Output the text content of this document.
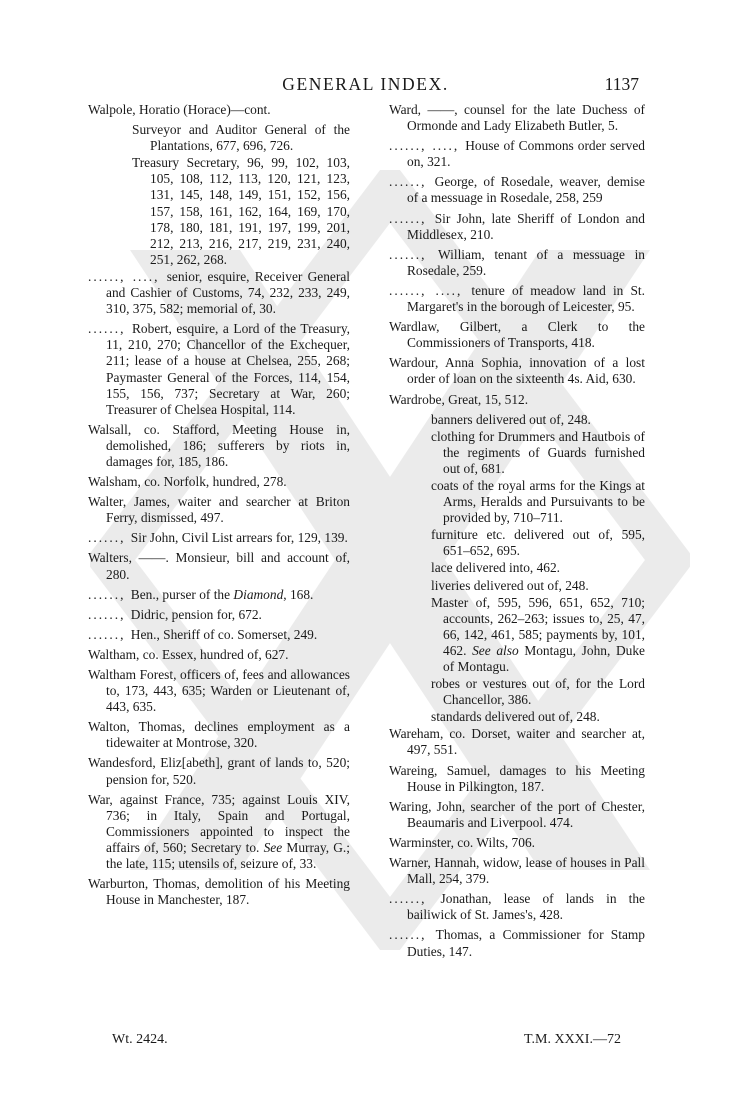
GENERAL INDEX.	1137
Walpole, Horatio (Horace)—cont.
Surveyor and Auditor General of the Plantations, 677, 696, 726.
Treasury Secretary, 96, 99, 102, 103, 105, 108, 112, 113, 120, 121, 123, 131, 145, 148, 149, 151, 152, 156, 157, 158, 161, 162, 164, 169, 170, 178, 180, 181, 191, 197, 199, 201, 212, 213, 216, 217, 219, 231, 240, 251, 262, 268.
......, ...., senior, esquire, Receiver General and Cashier of Customs, 74, 232, 233, 249, 310, 375, 582; memorial of, 30.
......, Robert, esquire, a Lord of the Treasury, 11, 210, 270; Chancellor of the Exchequer, 211; lease of a house at Chelsea, 255, 268; Paymaster General of the Forces, 114, 154, 155, 156, 737; Secretary at War, 260; Treasurer of Chelsea Hospital, 114.
Walsall, co. Stafford, Meeting House in, demolished, 186; sufferers by riots in, damages for, 185, 186.
Walsham, co. Norfolk, hundred, 278.
Walter, James, waiter and searcher at Briton Ferry, dismissed, 497.
......, Sir John, Civil List arrears for, 129, 139.
Walters, ——. Monsieur, bill and account of, 280.
......, Ben., purser of the Diamond, 168.
......, Didric, pension for, 672.
......, Hen., Sheriff of co. Somerset, 249.
Waltham, co. Essex, hundred of, 627.
Waltham Forest, officers of, fees and allowances to, 173, 443, 635; Warden or Lieutenant of, 443, 635.
Walton, Thomas, declines employment as a tidewaiter at Montrose, 320.
Wandesford, Eliz[abeth], grant of lands to, 520; pension for, 520.
War, against France, 735; against Louis XIV, 736; in Italy, Spain and Portugal, Commissioners appointed to inspect the affairs of, 560; Secretary to. See Murray, G.; the late, 115; utensils of, seizure of, 33.
Warburton, Thomas, demolition of his Meeting House in Manchester, 187.
Ward, ——, counsel for the late Duchess of Ormonde and Lady Elizabeth Butler, 5.
......, ...., House of Commons order served on, 321.
......, George, of Rosedale, weaver, demise of a messuage in Rosedale, 258, 259
......, Sir John, late Sheriff of London and Middlesex, 210.
......, William, tenant of a messuage in Rosedale, 259.
......, ...., tenure of meadow land in St. Margaret's in the borough of Leicester, 95.
Wardlaw, Gilbert, a Clerk to the Commissioners of Transports, 418.
Wardour, Anna Sophia, innovation of a lost order of loan on the sixteenth 4s. Aid, 630.
Wardrobe, Great, 15, 512.
banners delivered out of, 248.
clothing for Drummers and Hautbois of the regiments of Guards furnished out of, 681.
coats of the royal arms for the Kings at Arms, Heralds and Pursuivants to be provided by, 710–711.
furniture etc. delivered out of, 595, 651–652, 695.
lace delivered into, 462.
liveries delivered out of, 248.
Master of, 595, 596, 651, 652, 710; accounts, 262–263; issues to, 25, 47, 66, 142, 461, 585; payments by, 101, 462. See also Montagu, John, Duke of Montagu.
robes or vestures out of, for the Lord Chancellor, 386.
standards delivered out of, 248.
Wareham, co. Dorset, waiter and searcher at, 497, 551.
Wareing, Samuel, damages to his Meeting House in Pilkington, 187.
Waring, John, searcher of the port of Chester, Beaumaris and Liverpool. 474.
Warminster, co. Wilts, 706.
Warner, Hannah, widow, lease of houses in Pall Mall, 254, 379.
......, Jonathan, lease of lands in the bailiwick of St. James's, 428.
......, Thomas, a Commissioner for Stamp Duties, 147.
Wt. 2424.	T.M. XXXI.—72
